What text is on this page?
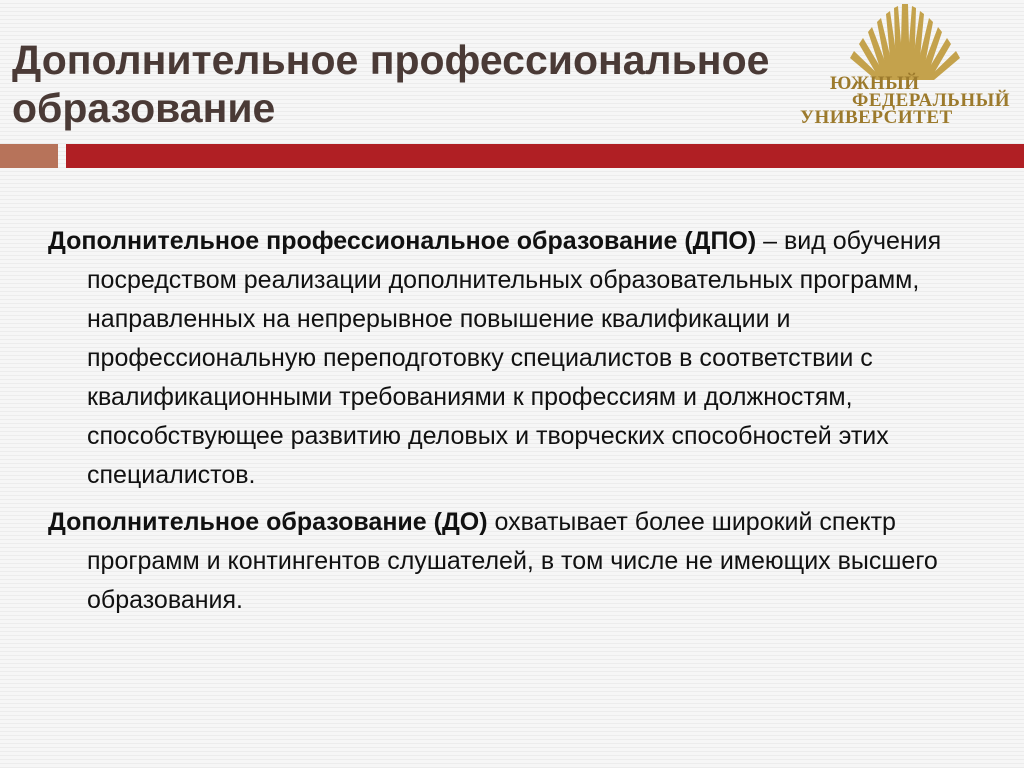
Дополнительное профессиональное образование
ЮЖНЫЙ
ФЕДЕРАЛЬНЫЙ
УНИВЕРСИТЕТ

Дополнительное профессиональное образование (ДПО) – вид обучения посредством реализации дополнительных образовательных программ, направленных на непрерывное повышение квалификации и профессиональную переподготовку специалистов в соответствии с квалификационными требованиями к профессиям и должностям, способствующее развитию деловых и творческих способностей этих специалистов.

Дополнительное образование (ДО) охватывает более широкий спектр программ и контингентов слушателей, в том числе не имеющих высшего образования.
